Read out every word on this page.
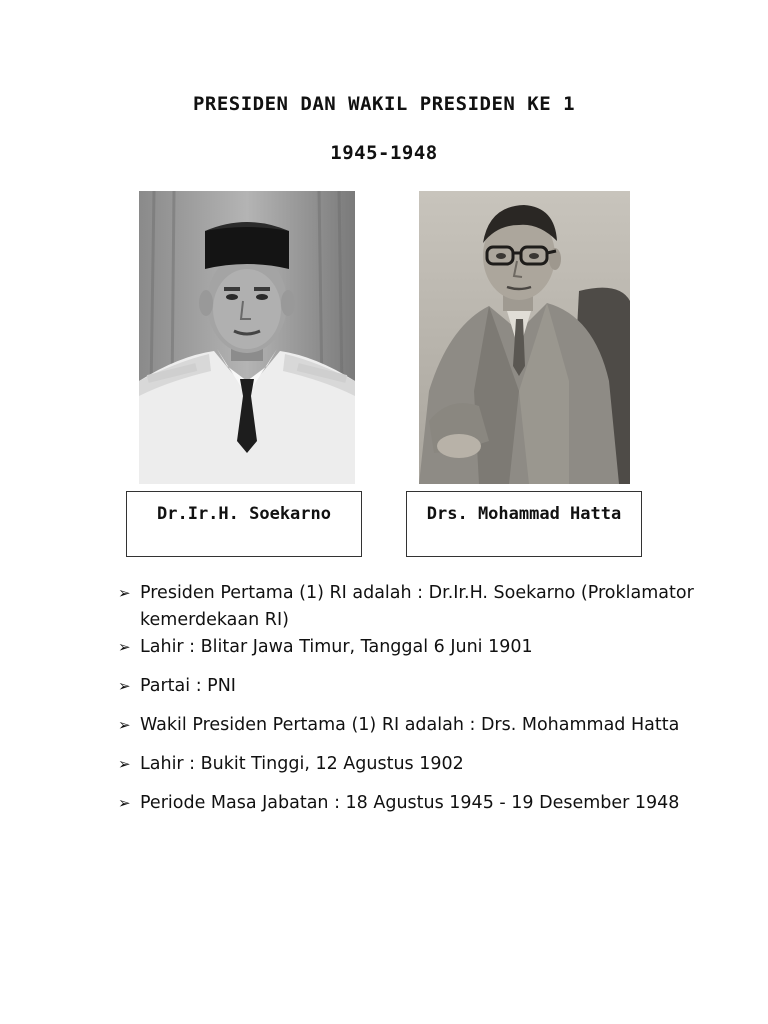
PRESIDEN DAN WAKIL PRESIDEN KE 1
1945-1948
Dr.Ir.H. Soekarno	Drs. Mohammad Hatta
➢ Presiden Pertama (1) RI adalah : Dr.Ir.H. Soekarno (Proklamator kemerdekaan RI)
➢ Lahir : Blitar Jawa Timur, Tanggal 6 Juni 1901
➢ Partai : PNI
➢ Wakil Presiden Pertama (1) RI adalah : Drs. Mohammad Hatta
➢ Lahir : Bukit Tinggi, 12 Agustus 1902
➢ Periode Masa Jabatan : 18 Agustus 1945 - 19 Desember 1948
